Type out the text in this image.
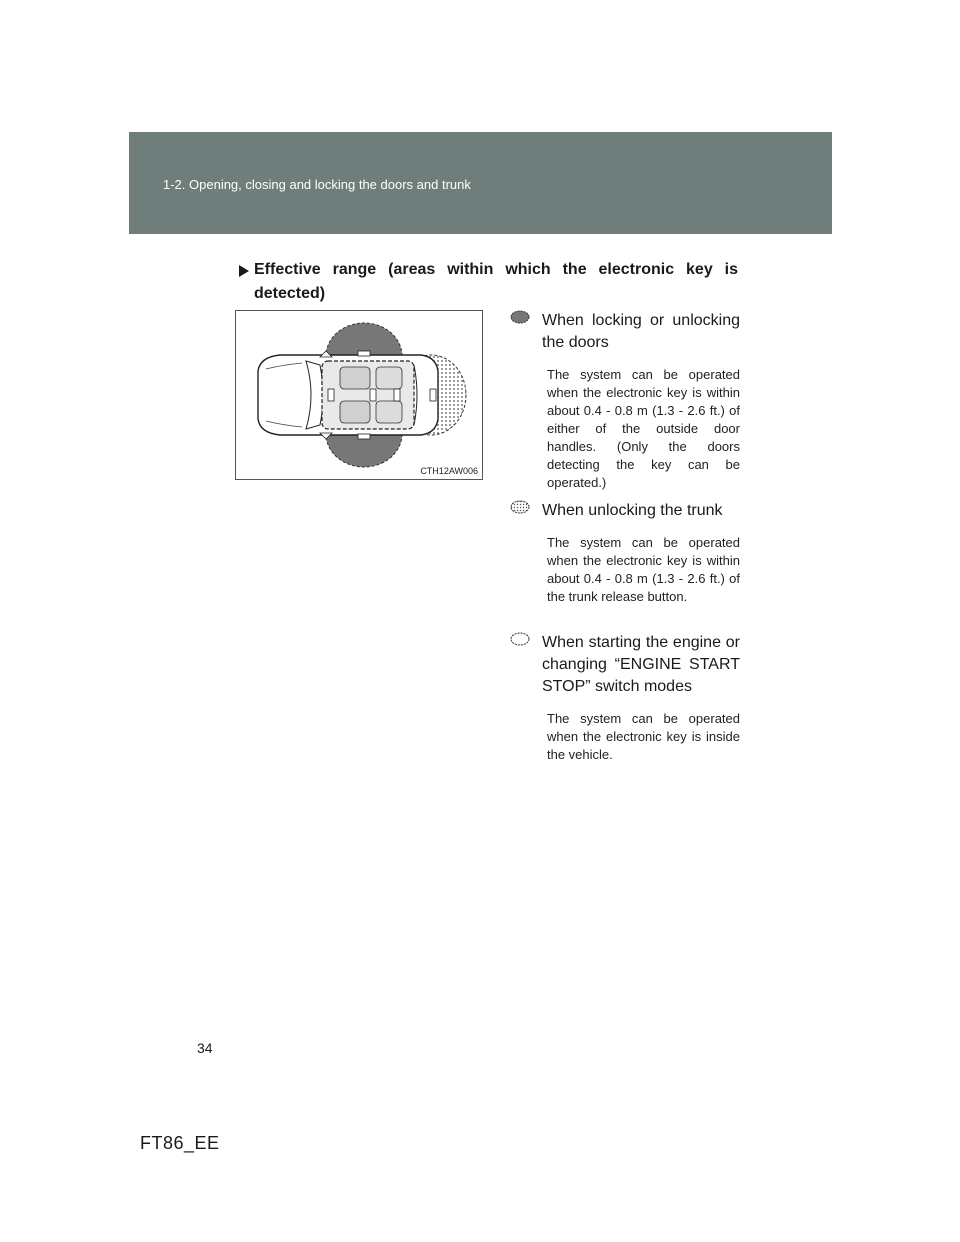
1-2. Opening, closing and locking the doors and trunk
Effective range (areas within which the electronic key is detected)
CTH12AW006
When locking or unlocking the doors
The system can be operated when the electronic key is within about 0.4 - 0.8 m (1.3 - 2.6 ft.) of either of the outside door handles. (Only the doors detecting the key can be operated.)
When unlocking the trunk
The system can be operated when the electronic key is within about 0.4 - 0.8 m (1.3 - 2.6 ft.) of the trunk release button.
When starting the engine or changing “ENGINE START STOP” switch modes
The system can be operated when the electronic key is inside the vehicle.
34
FT86_EE
